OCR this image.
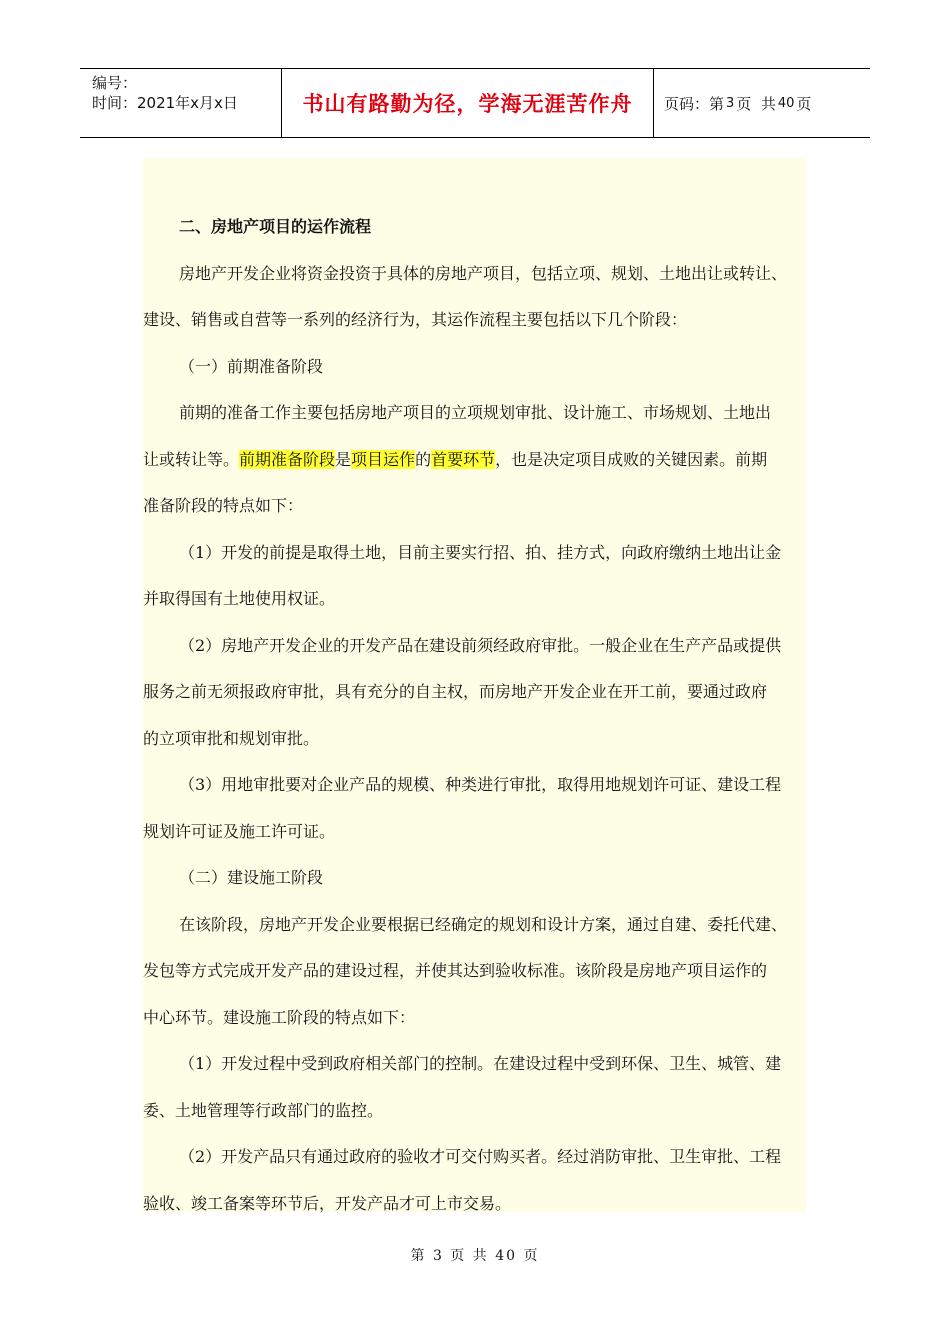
编号：
时间：2021年x月x日	书山有路勤为径，学海无涯苦作舟 页码：第 3 页  共 40 页

二、房地产项目的运作流程

房地产开发企业将资金投资于具体的房地产项目，包括立项、规划、土地出让或转让、

建设、销售或自营等一系列的经济行为，其运作流程主要包括以下几个阶段：

（一）前期准备阶段

前期的准备工作主要包括房地产项目的立项规划审批、设计施工、市场规划、土地出

让或转让等。前期准备阶段是项目运作的首要环节，也是决定项目成败的关键因素。前期

准备阶段的特点如下：

（1）开发的前提是取得土地，目前主要实行招、拍、挂方式，向政府缴纳土地出让金

并取得国有土地使用权证。

（2）房地产开发企业的开发产品在建设前须经政府审批。一般企业在生产产品或提供

服务之前无须报政府审批，具有充分的自主权，而房地产开发企业在开工前，要通过政府

的立项审批和规划审批。

（3）用地审批要对企业产品的规模、种类进行审批，取得用地规划许可证、建设工程

规划许可证及施工许可证。

（二）建设施工阶段

在该阶段，房地产开发企业要根据已经确定的规划和设计方案，通过自建、委托代建、

发包等方式完成开发产品的建设过程，并使其达到验收标准。该阶段是房地产项目运作的

中心环节。建设施工阶段的特点如下：

（1）开发过程中受到政府相关部门的控制。在建设过程中受到环保、卫生、城管、建

委、土地管理等行政部门的监控。

（2）开发产品只有通过政府的验收才可交付购买者。经过消防审批、卫生审批、工程

验收、竣工备案等环节后，开发产品才可上市交易。

第 3 页 共 40 页
